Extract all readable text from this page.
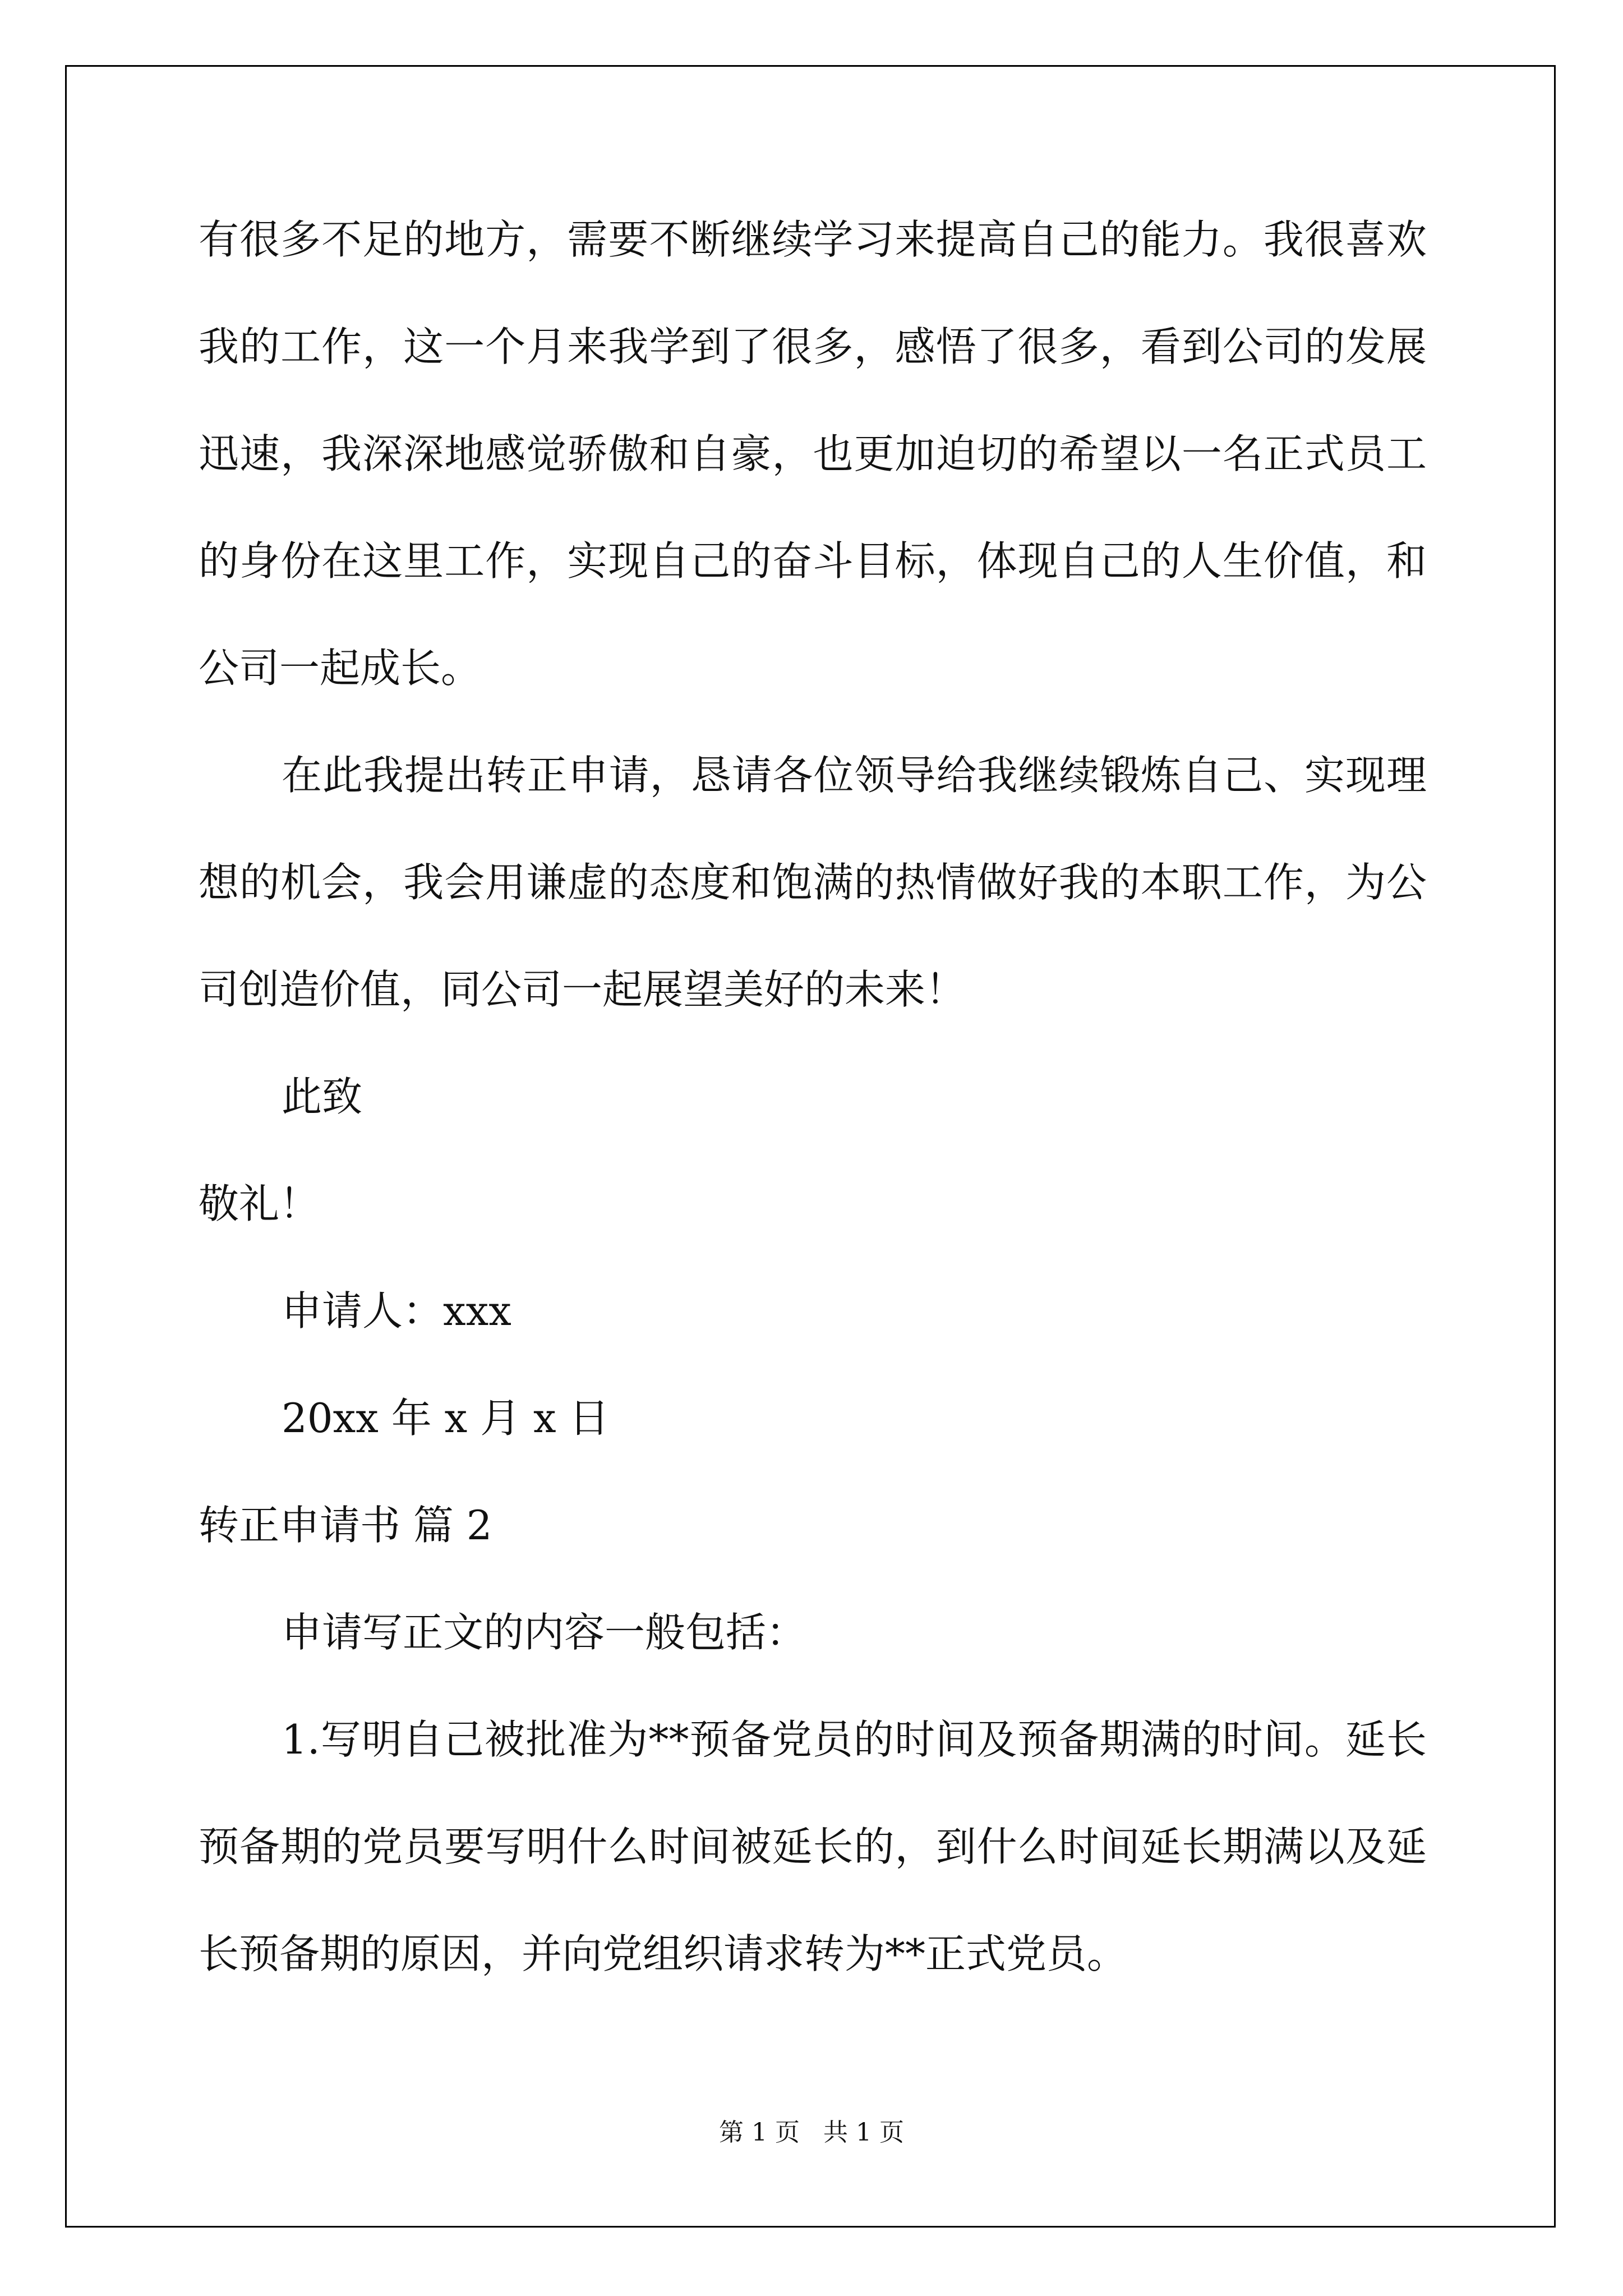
有很多不足的地方，需要不断继续学习来提高自己的能力。我很喜欢
我的工作，这一个月来我学到了很多，感悟了很多，看到公司的发展
迅速，我深深地感觉骄傲和自豪，也更加迫切的希望以一名正式员工
的身份在这里工作，实现自己的奋斗目标，体现自己的人生价值，和
公司一起成长。
在此我提出转正申请，恳请各位领导给我继续锻炼自己、实现理
想的机会，我会用谦虚的态度和饱满的热情做好我的本职工作，为公
司创造价值，同公司一起展望美好的未来！
此致
敬礼！
申请人：xxx
20xx 年 x 月 x 日
转正申请书 篇 2
申请写正文的内容一般包括：
1.写明自己被批准为**预备党员的时间及预备期满的时间。延长
预备期的党员要写明什么时间被延长的，到什么时间延长期满以及延
长预备期的原因，并向党组织请求转为**正式党员。
第 1 页 共 1 页
